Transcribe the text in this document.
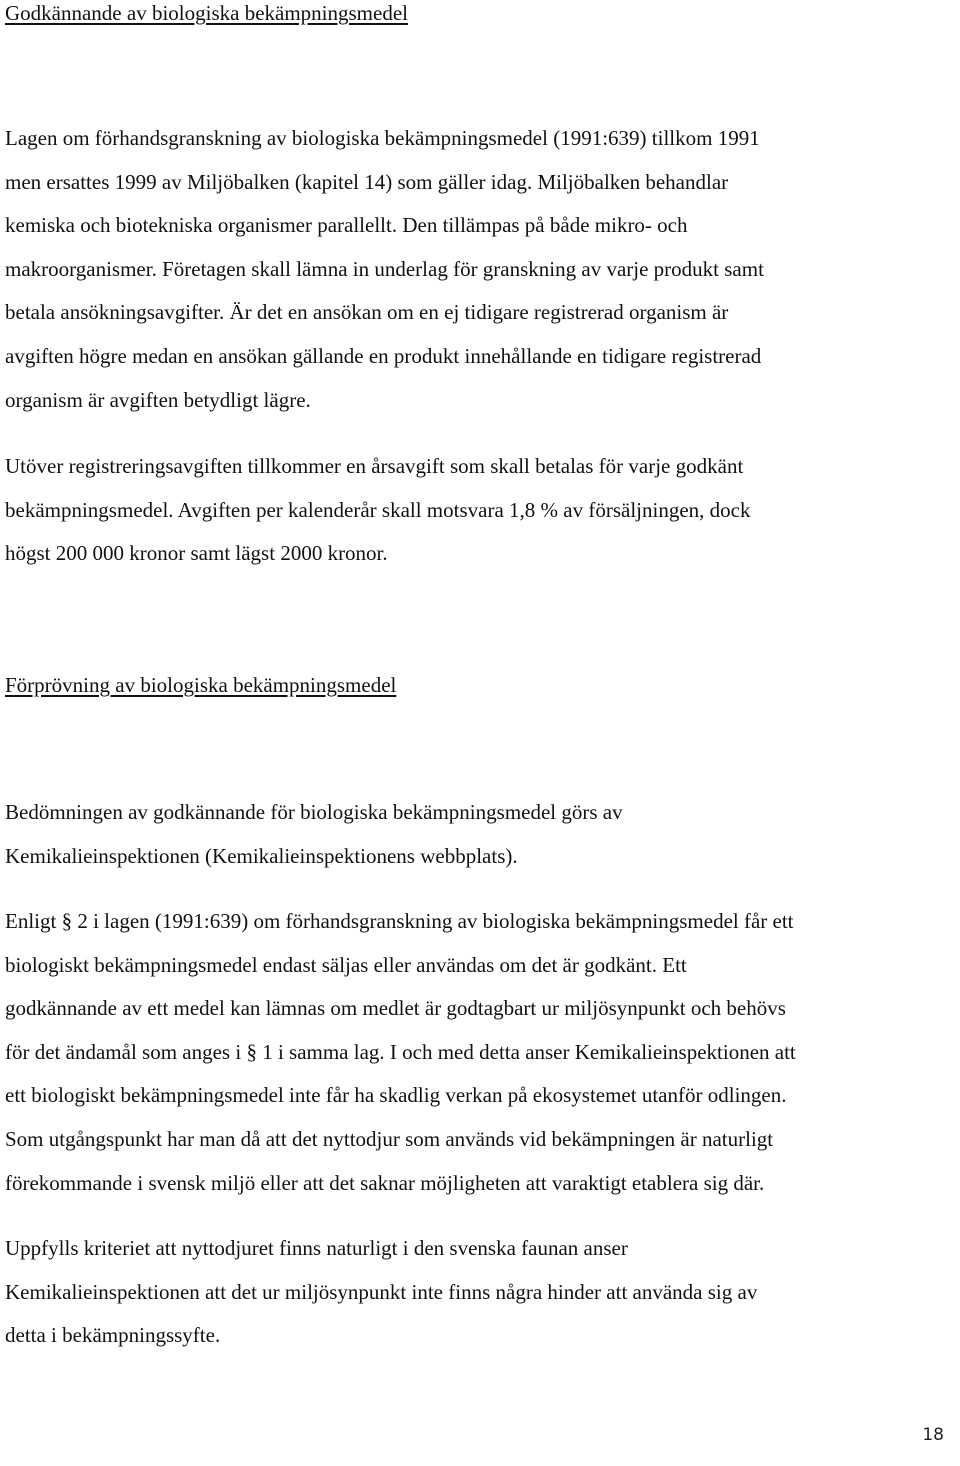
Godkännande av biologiska bekämpningsmedel
Lagen om förhandsgranskning av biologiska bekämpningsmedel (1991:639) tillkom 1991
men ersattes 1999 av Miljöbalken (kapitel 14) som gäller idag. Miljöbalken behandlar
kemiska och biotekniska organismer parallellt. Den tillämpas på både mikro- och
makroorganismer. Företagen skall lämna in underlag för granskning av varje produkt samt
betala ansökningsavgifter. Är det en ansökan om en ej tidigare registrerad organism är
avgiften högre medan en ansökan gällande en produkt innehållande en tidigare registrerad
organism är avgiften betydligt lägre.
Utöver registreringsavgiften tillkommer en årsavgift som skall betalas för varje godkänt
bekämpningsmedel. Avgiften per kalenderår skall motsvara 1,8 % av försäljningen, dock
högst 200 000 kronor samt lägst 2000 kronor.
Förprövning av biologiska bekämpningsmedel
Bedömningen av godkännande för biologiska bekämpningsmedel görs av
Kemikalieinspektionen (Kemikalieinspektionens webbplats).
Enligt § 2 i lagen (1991:639) om förhandsgranskning av biologiska bekämpningsmedel får ett
biologiskt bekämpningsmedel endast säljas eller användas om det är godkänt. Ett
godkännande av ett medel kan lämnas om medlet är godtagbart ur miljösynpunkt och behövs
för det ändamål som anges i § 1 i samma lag. I och med detta anser Kemikalieinspektionen att
ett biologiskt bekämpningsmedel inte får ha skadlig verkan på ekosystemet utanför odlingen.
Som utgångspunkt har man då att det nyttodjur som används vid bekämpningen är naturligt
förekommande i svensk miljö eller att det saknar möjligheten att varaktigt etablera sig där.
Uppfylls kriteriet att nyttodjuret finns naturligt i den svenska faunan anser
Kemikalieinspektionen att det ur miljösynpunkt inte finns några hinder att använda sig av
detta i bekämpningssyfte.
18
